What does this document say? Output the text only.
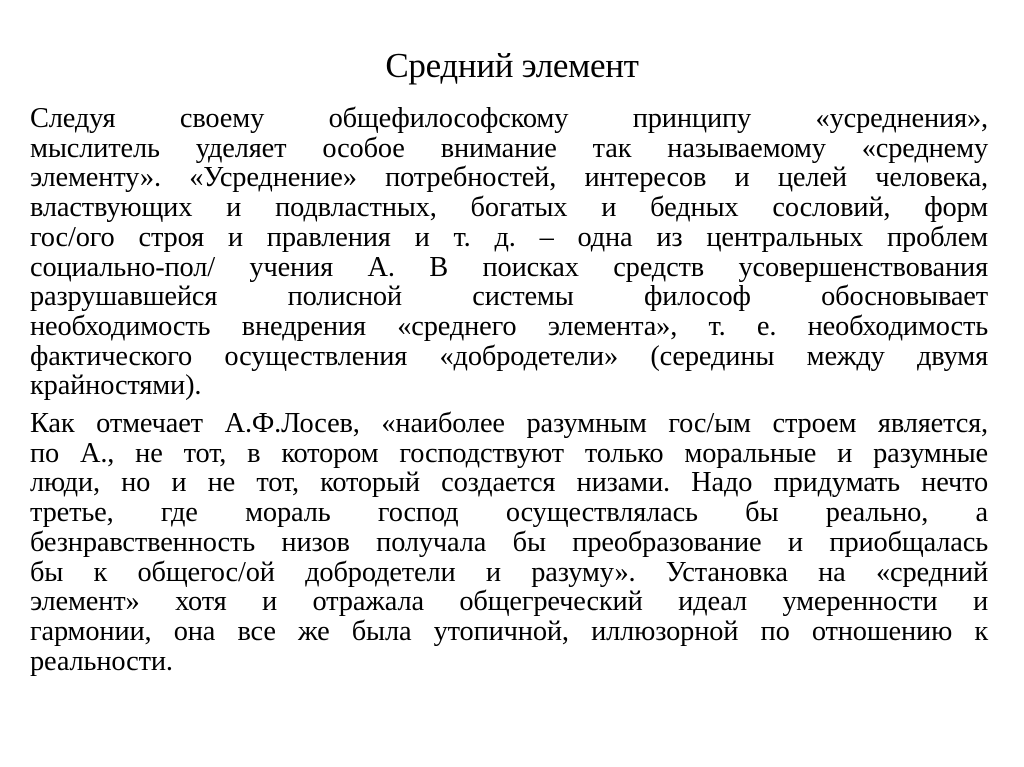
Средний элемент

Следуя своему общефилософскому принципу «усреднения»,
мыслитель уделяет особое внимание так называемому «среднему
элементу». «Усреднение» потребностей, интересов и целей человека,
властвующих и подвластных, богатых и бедных сословий, форм
гос/ого строя и правления и т. д. – одна из центральных проблем
социально-пол/ учения А. В поисках средств усовершенствования
разрушавшейся полисной системы философ обосновывает
необходимость внедрения «среднего элемента», т. е. необходимость
фактического осуществления «добродетели» (середины между двумя
крайностями).

Как отмечает А.Ф.Лосев, «наиболее разумным гос/ым строем является,
по А., не тот, в котором господствуют только моральные и разумные
люди, но и не тот, который создается низами. Надо придумать нечто
третье, где мораль господ осуществлялась бы реально, а
безнравственность низов получала бы преобразование и приобщалась
бы к общегос/ой добродетели и разуму». Установка на «средний
элемент» хотя и отражала общегреческий идеал умеренности и
гармонии, она все же была утопичной, иллюзорной по отношению к
реальности.
